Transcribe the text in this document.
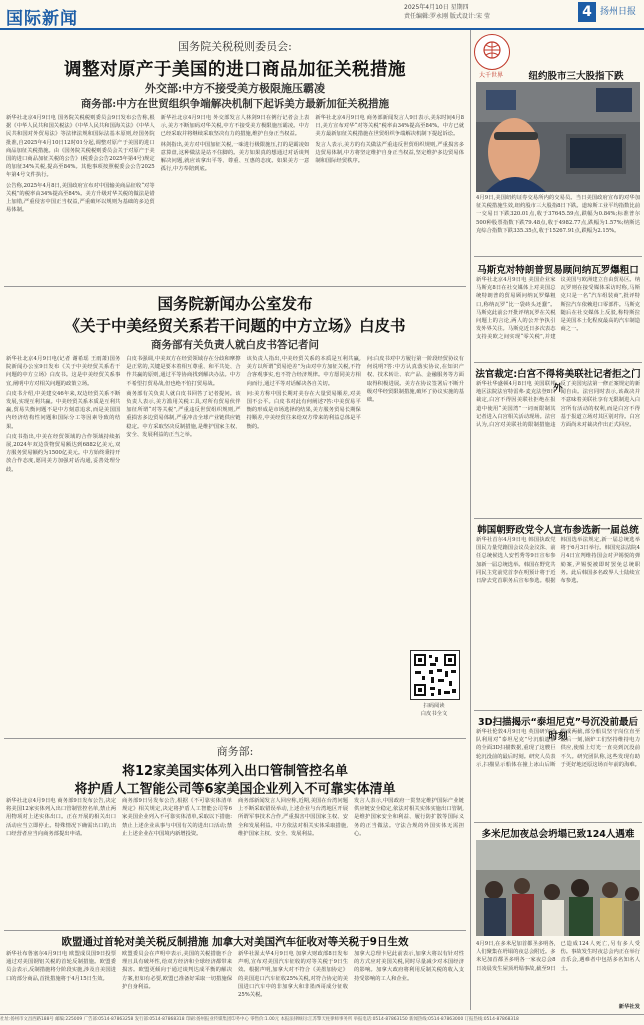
国际新闻
2025年4月10日 星期四
责任编辑:罗永刚 版式设计:宋 莹	4 扬州日报
国务院关税税则委员会:
调整对原产于美国的进口商品加征关税措施
外交部:中方不接受美方极限施压霸凌
商务部:中方在世贸组织争端解决机制下起诉美方最新加征关税措施

新华社北京4月9日电 国务院关税税则委员会9日发布公告称,根据《中华人民共和国关税法》《中华人民共和国海关法》《中华人民共和国对外贸易法》等法律法规和国际法基本原则,经国务院批准,自2025年4月10日12时01分起,调整对原产于美国的进口商品加征关税措施。由《国务院关税税则委员会关于对原产于美国的进口商品加征关税的公告》(税委会公告2025年第4号)规定的加征34%关税,提高至84%。其他事项按照税委会公告2025年第4号文件执行。

公告称,2025年4月8日,美国政府宣布对中国输美商品征收“对等关税”的税率由34%提高至84%。美方升级对华关税的做法是错上加错,严重侵害中国正当权益,严重破坏以规则为基础的多边贸易体制。

新华社北京4月9日电 外交部发言人林剑9日在例行记者会上表示,美方不断加码对华关税,中方不接受美方极限施压霸凌。中方已经采取并将继续采取坚决有力的措施,维护自身正当权益。

林剑指出,美方对中国加征关税,一味进行极限施压,打的是霸凌如意算盘,这种做法是站不住脚的。美方如果真的想通过对话谈判解决问题,就应该拿出平等、尊重、互惠的态度。如果美方一意孤行,中方奉陪到底。

新华社北京4月9日电 商务部新闻发言人9日表示,美东时间4月8日,美方宣布对华“对等关税”税率由34%提高至84%。中方已就美方最新加征关税措施在世贸组织争端解决机制下提起诉讼。

发言人表示,美方的有关做法严重违反世贸组织规则,严重损害多边贸易体制,中方将坚定维护自身正当权益,坚定维护多边贸易体制和国际经贸秩序。

国务院新闻办公室发布
《关于中美经贸关系若干问题的中方立场》白皮书
商务部有关负责人就白皮书答记者问

新华社北京4月9日电(记者 谢希瑶 王雨萧)国务院新闻办公室9日发布《关于中美经贸关系若干问题的中方立场》白皮书。这是中美经贸关系事宜,阐明中方对相关问题的政策立场。

白皮书介绍,中美建交46年来,双边经贸关系不断发展,实现互利共赢。中美经贸关系本质是互利共赢,贸易失衡问题不是中方刻意追求,而是美国国内经济结构性问题和国际分工等因素导致的结果。

白皮书指出,中美在经贸领域的合作领域持续拓展,2024年双边货物贸易额达到6882亿美元,双方服务贸易额约为1500亿美元。中方始终秉持开放合作态度,愿同美方加强对话沟通,妥善处理分歧。

白皮书强调,中美双方在经贸领域存在分歧和摩擦是正常的,关键是要本着相互尊重、和平共处、合作共赢的原则,通过平等协商找到解决办法。中方不希望打贸易战,但也绝不怕打贸易战。

商务部有关负责人就白皮书回答了记者提问。该负责人表示,美方滥用关税工具,对所有贸易伙伴加征所谓“对等关税”,严重违反世贸组织规则,严重损害多边贸易体制,严重冲击全球产业链供应链稳定。中方采取坚决反制措施,是维护国家主权、安全、发展利益的正当之举。

该负责人指出,中美经贸关系的本质是互利共赢,美方以所谓“贸易逆差”为由对中方加征关税,不符合客观事实,也不符合经济规律。中方愿同美方相向而行,通过平等对话解决各自关切。

问:美方称中国长期对美存在大量贸易顺差,对美国不公平。白皮书对此有何阐述?答:中美贸易平衡的形成是市场选择的结果,美方服务贸易长期保持顺差,中美经贸往来给双方带来的利益总体是平衡的。

问:白皮书对中方履行第一阶段经贸协议有何说明?答:中方认真落实协议,在知识产权、技术转让、农产品、金融服务等方面取得积极进展。美方在协议签署后不断升级对华经贸限制措施,破坏了协议实施的基础。

扫码阅读
白皮书全文
商务部:
将12家美国实体列入出口管制管控名单
将护盾人工智能公司等6家美国企业列入不可靠实体清单

新华社北京4月9日电 商务部9日发布公告,决定将美国12家实体列入出口管制管控名单,禁止两用物项对上述实体出口。正在开展的相关出口活动应当立即停止。特殊情况下确需出口的,出口经营者应当向商务部提出申请。

商务部9日另发布公告,根据《不可靠实体清单规定》相关规定,决定将护盾人工智能公司等6家美国企业列入不可靠实体清单,采取以下措施:禁止上述企业从事与中国有关的进出口活动;禁止上述企业在中国境内新增投资。

商务部新闻发言人回应称,近期,美国在台湾问题上不断采取错误举动,上述企业与台湾地区开展所谓军事技术合作,严重损害中国国家主权、安全和发展利益。中方依法对相关实体采取措施,维护国家主权、安全、发展利益。

发言人表示,中国政府一贯坚定维护国际产业链供应链安全稳定,依法对相关实体实施出口管制,是维护国家安全和利益、履行防扩散等国际义务的正当做法。守法合规的外国实体无需担心。

欧盟通过首轮对美关税反制措施 加拿大对美国汽车征收对等关税于9日生效

新华社布鲁塞尔4月9日电 欧盟成员国9日投票通过对美国钢铝关税的首轮反制措施。欧盟委员会表示,反制措施将分阶段实施,涉及自美国进口的部分商品,首批措施将于4月15日生效。

欧盟委员会在声明中表示,美国的关税措施不合理且具有破坏性,给双方经济和全球经济都带来损害。欧盟更倾向于通过谈判达成平衡的解决方案,但如有必要,欧盟已准备好采取一切措施保护自身利益。

新华社渥太华4月9日电 加拿大财政部8日发布声明,宣布对美国汽车征收的对等关税于9日生效。根据声明,加拿大对不符合《美墨加协定》的美国进口汽车征收25%关税,对符合协定的美国进口汽车中的非加拿大和非墨西哥成分征收25%关税。

加拿大总理卡尼此前表示,加拿大将以有针对性的方式应对美国关税,同时尽量减少对本国经济的影响。加拿大政府将利用反制关税的收入支持受影响的工人和企业。

大千世界	纽约股市三大股指下跌
4月9日,美国纽约证券交易所内的交易员。当日美国政府宣布的对华加征关税措施生效,纽约股市三大股指8日下跌。道琼斯工业平均指数比前一交易日下跌320.01点,收于37645.59点,跌幅为0.84%;标准普尔500种股票指数下跌79.48点,收于4982.77点,跌幅为1.57%;纳斯达克综合指数下跌335.35点,收于15267.91点,跌幅为2.15%。
马斯克对特朗普贸易顾问纳瓦罗爆粗口
新华社北京4月9日电 美国企业家马斯克8日在社交媒体上对美国总统特朗普的贸易顾问纳瓦罗爆粗口,称纳瓦罗“比一袋砖头还蠢”。马斯克此前公开批评纳瓦罗在关税问题上的言论,两人的公开争执引发外界关注。马斯克近日多次表态支持美欧之间实现“零关税”,并建议美国与欧洲建立自由贸易区。纳瓦罗则在接受媒体采访时称,马斯克只是一名“汽车组装商”,批评特斯拉汽车依赖进口零部件。马斯克随后在社交媒体上反驳,称特斯拉是美国本土化程度最高的汽车制造商之一。
法官裁定:白宫不得将美联社记者拒之门外
新华社华盛顿4月8日电 美国联邦地区法院法官特雷弗·麦克法登8日裁定,白宫不得因美联社拒绝在报道中使用“美国湾”一词而限制其记者进入白宫相关活动现场。法官认为,白宫对美联社的限制措施违反了美国宪法第一修正案规定的新闻自由。法官同时表示,该裁决并不意味着美联社享有无限制进入白宫所有活动的权利,而是白宫不得基于报道立场对其区别对待。白宫方面尚未对裁决作出正式回应。
韩国朝野政党令人宣布参选新一届总统
新华社首尔4月9日电 韩国执政党国民力量党籍国会议员金汶洙、前任总统候选人安哲秀等9日宣布参加新一届总统选举。韩国在野党共同民主党前党首李在明预计将于近日辞去党首职务后宣布参选。根据韩国选举法规定,新一届总统选举将于6月3日举行。韩国宪法法院4月4日宣判维持国会对尹锡悦的弹劾案,尹锡悦被即时罢免总统职务。此后韩国多名政界人士陆续宣布参选。
3D扫描揭示“泰坦尼克”号沉没前最后时刻
新华社伦敦4月9日电 英国研究团队利用对“泰坦尼克”号沉船遗骸的全面3D扫描数据,重现了这艘巨轮沉没前的最后时刻。研究人员表示,扫描显示船体在撞上冰山后断裂成两截,部分船员坚守岗位直至最后一刻,锅炉工们坚持维持电力供应,使船上灯光一直亮到沉没前不久。研究团队称,这些发现有助于更好地还原这场百年前的海难。
多米尼加夜总会坍塌已致124人遇难
4月9日,在多米尼加首都圣多明各,人们聚集在坍塌的夜总会附近。多米尼加首都圣多明各一家夜总会8日凌晨发生屋顶坍塌事故,截至9日已造成124人死亡,另有多人受伤。事故发生时夜总会内正在举行音乐会,遇难者中包括多名知名人士。
新华社发
社址:扬州市文昌西路188号 邮编:225009 广告部:0514-87863258 发行部:0514-87868318 印刷:扬州报业传媒集团印务中心 零售价:1.00元 本报法律顾问:江苏擎天柱律师事务所 举报电话:0514-87863150 新闻热线:0514-87863000 订报热线:0514-87868318
